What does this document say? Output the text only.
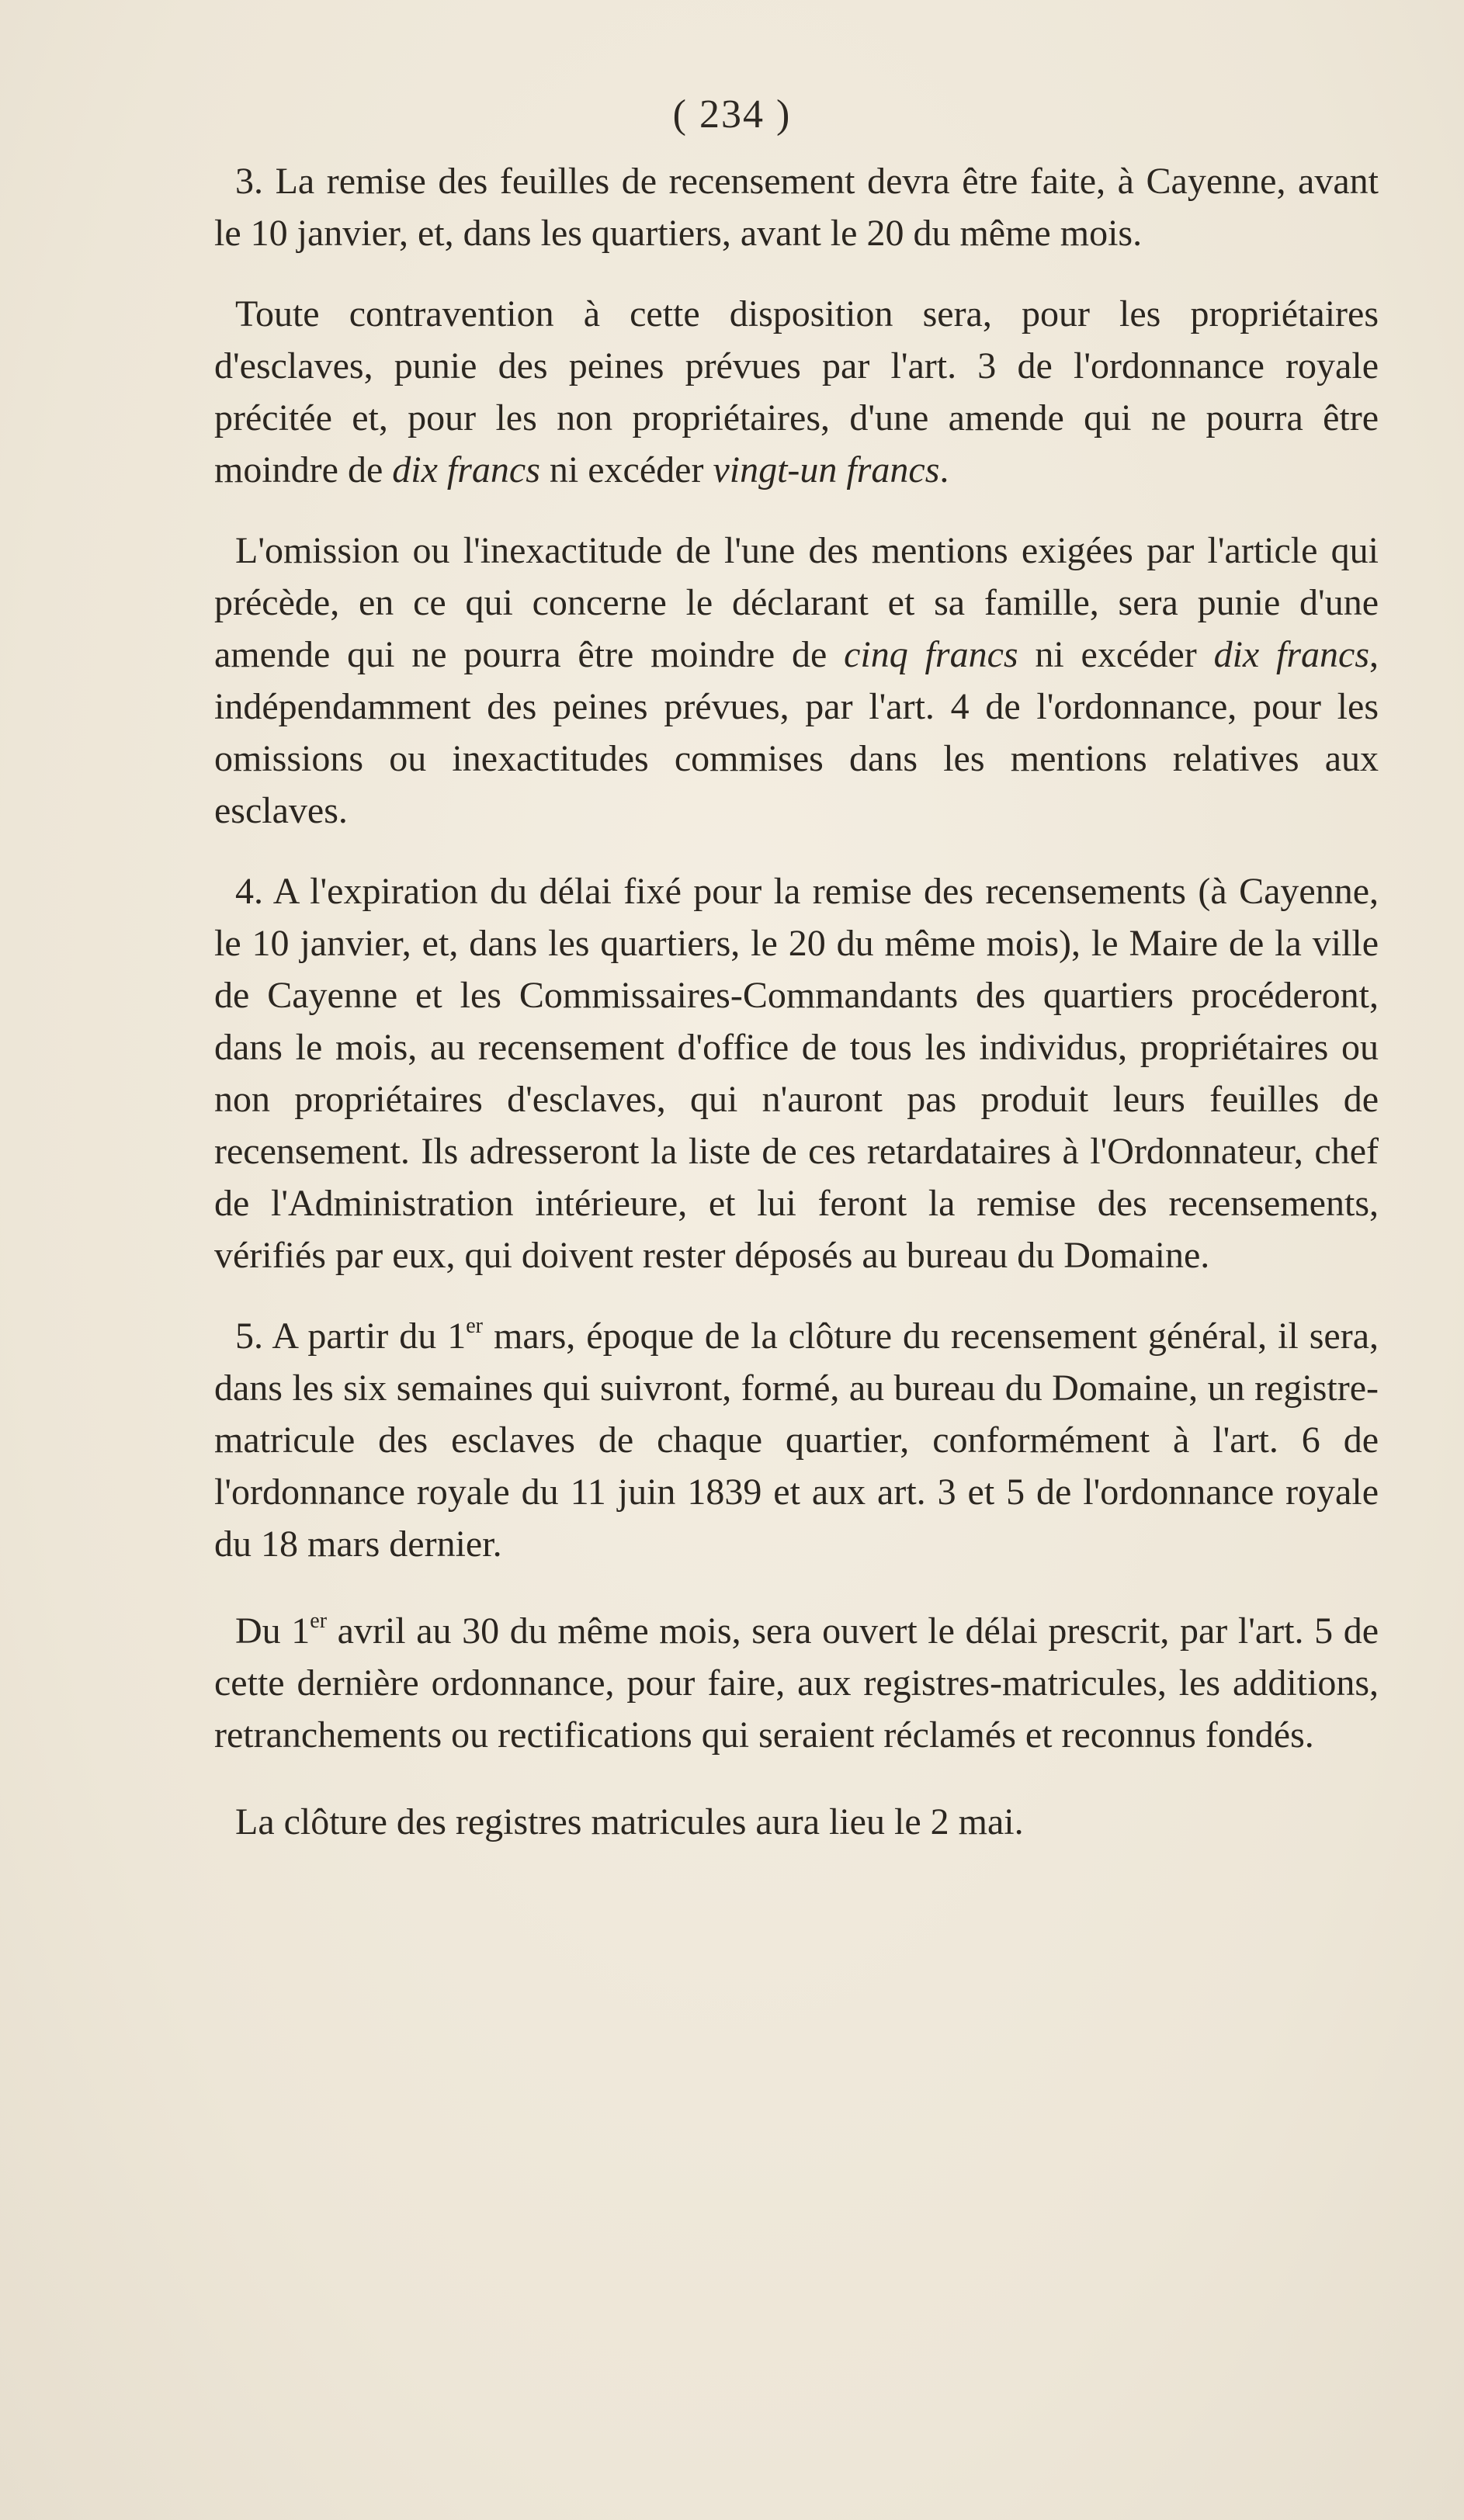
( 234 )

3. La remise des feuilles de recensement devra être faite, à Cayenne, avant le 10 janvier, et, dans les quartiers, avant le 20 du même mois.

Toute contravention à cette disposition sera, pour les propriétaires d'esclaves, punie des peines prévues par l'art. 3 de l'ordonnance royale précitée et, pour les non propriétaires, d'une amende qui ne pourra être moindre de dix francs ni excéder vingt-un francs.

L'omission ou l'inexactitude de l'une des mentions exigées par l'article qui précède, en ce qui concerne le déclarant et sa famille, sera punie d'une amende qui ne pourra être moindre de cinq francs ni excéder dix francs, indépendamment des peines prévues, par l'art. 4 de l'ordonnance, pour les omissions ou inexactitudes commises dans les mentions relatives aux esclaves.

4. A l'expiration du délai fixé pour la remise des recensements (à Cayenne, le 10 janvier, et, dans les quartiers, le 20 du même mois), le Maire de la ville de Cayenne et les Commissaires-Commandants des quartiers procéderont, dans le mois, au recensement d'office de tous les individus, propriétaires ou non propriétaires d'esclaves, qui n'auront pas produit leurs feuilles de recensement. Ils adresseront la liste de ces retardataires à l'Ordonnateur, chef de l'Administration intérieure, et lui feront la remise des recensements, vérifiés par eux, qui doivent rester déposés au bureau du Domaine.

5. A partir du 1er mars, époque de la clôture du recensement général, il sera, dans les six semaines qui suivront, formé, au bureau du Domaine, un registre-matricule des esclaves de chaque quartier, conformément à l'art. 6 de l'ordonnance royale du 11 juin 1839 et aux art. 3 et 5 de l'ordonnance royale du 18 mars dernier.

Du 1er avril au 30 du même mois, sera ouvert le délai prescrit, par l'art. 5 de cette dernière ordonnance, pour faire, aux registres-matricules, les additions, retranchements ou rectifications qui seraient réclamés et reconnus fondés.

La clôture des registres matricules aura lieu le 2 mai.
